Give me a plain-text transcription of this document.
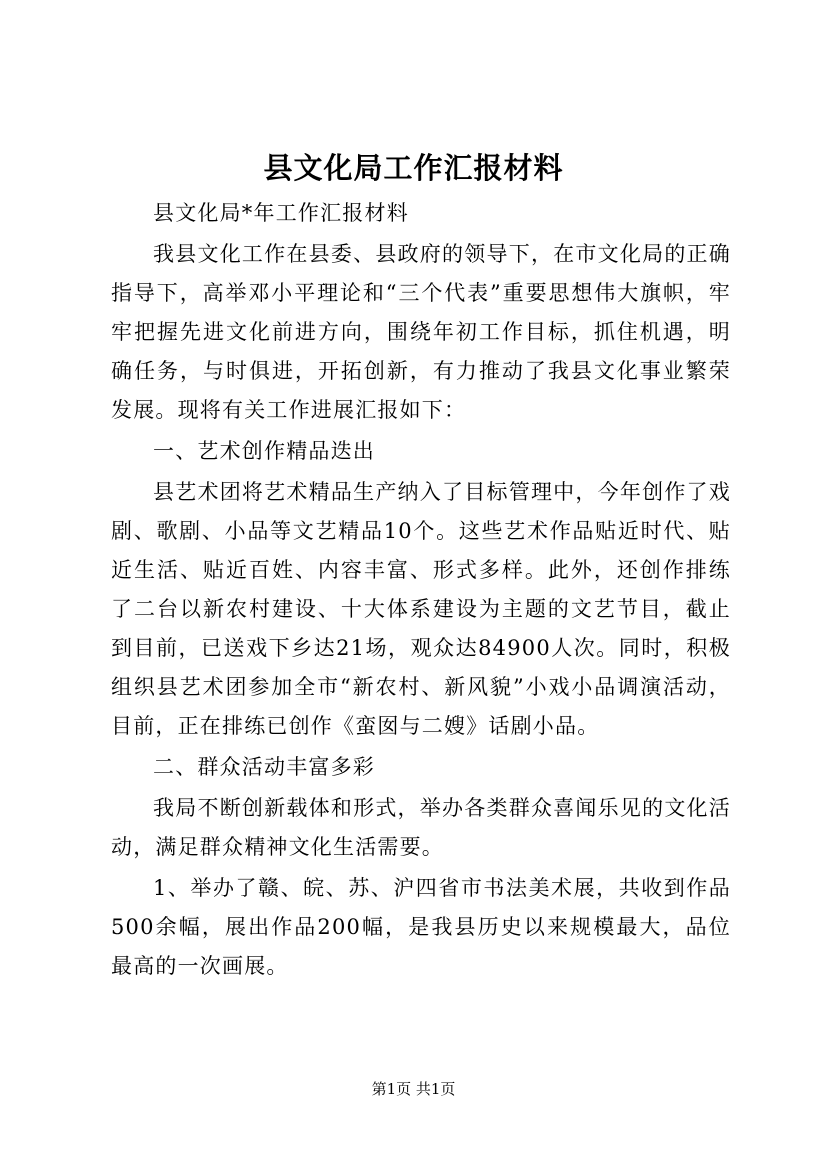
县文化局工作汇报材料

县文化局*年工作汇报材料

我县文化工作在县委、县政府的领导下，在市文化局的正确指导下，高举邓小平理论和“三个代表”重要思想伟大旗帜，牢牢把握先进文化前进方向，围绕年初工作目标，抓住机遇，明确任务，与时俱进，开拓创新，有力推动了我县文化事业繁荣发展。现将有关工作进展汇报如下：

一、艺术创作精品迭出

县艺术团将艺术精品生产纳入了目标管理中，今年创作了戏剧、歌剧、小品等文艺精品10个。这些艺术作品贴近时代、贴近生活、贴近百姓、内容丰富、形式多样。此外，还创作排练了二台以新农村建设、十大体系建设为主题的文艺节目，截止到目前，已送戏下乡达21场，观众达84900人次。同时，积极组织县艺术团参加全市“新农村、新风貌”小戏小品调演活动，目前，正在排练已创作《蛮囡与二嫂》话剧小品。

二、群众活动丰富多彩

我局不断创新载体和形式，举办各类群众喜闻乐见的文化活动，满足群众精神文化生活需要。

1、举办了赣、皖、苏、沪四省市书法美术展，共收到作品500余幅，展出作品200幅，是我县历史以来规模最大，品位最高的一次画展。

第1页 共1页
